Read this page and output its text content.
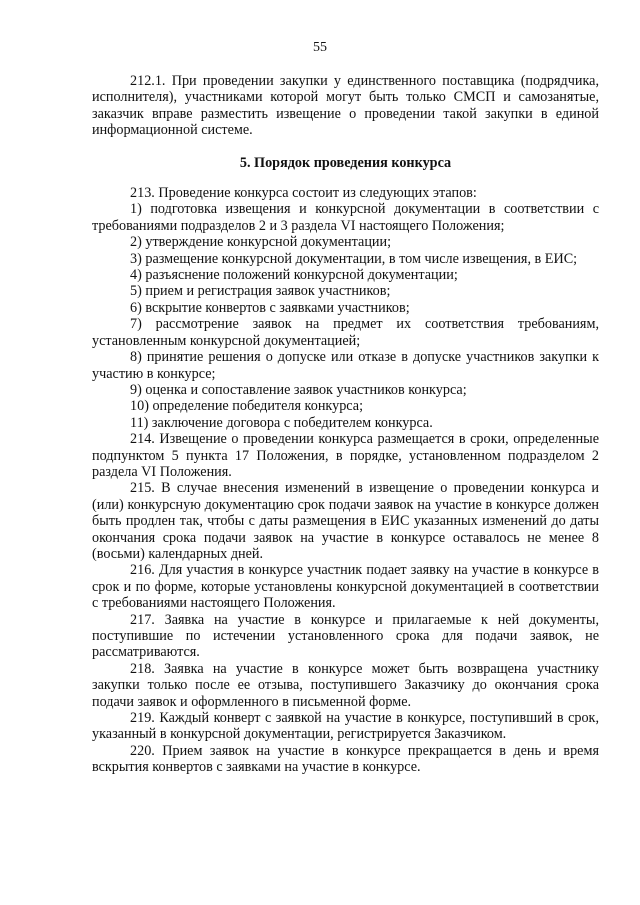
55

212.1. При проведении закупки у единственного поставщика (подрядчика, исполнителя), участниками которой могут быть только СМСП и самозанятые, заказчик вправе разместить извещение о проведении такой закупки в единой информационной системе.

5. Порядок проведения конкурса

213. Проведение конкурса состоит из следующих этапов:

1) подготовка извещения и конкурсной документации в соответствии с требованиями подразделов 2 и 3 раздела VI настоящего Положения;

2) утверждение конкурсной документации;

3) размещение конкурсной документации, в том числе извещения, в ЕИС;

4) разъяснение положений конкурсной документации;

5) прием и регистрация заявок участников;

6) вскрытие конвертов с заявками участников;

7) рассмотрение заявок на предмет их соответствия требованиям, установленным конкурсной документацией;

8) принятие решения о допуске или отказе в допуске участников закупки к участию в конкурсе;

9) оценка и сопоставление заявок участников конкурса;

10) определение победителя конкурса;

11) заключение договора с победителем конкурса.

214. Извещение о проведении конкурса размещается в сроки, определенные подпунктом 5 пункта 17 Положения, в порядке, установленном подразделом 2 раздела VI Положения.

215. В случае внесения изменений в извещение о проведении конкурса и (или) конкурсную документацию срок подачи заявок на участие в конкурсе должен быть продлен так, чтобы с даты размещения в ЕИС указанных изменений до даты окончания срока подачи заявок на участие в конкурсе оставалось не менее 8 (восьми) календарных дней.

216. Для участия в конкурсе участник подает заявку на участие в конкурсе в срок и по форме, которые установлены конкурсной документацией в соответствии с требованиями настоящего Положения.

217. Заявка на участие в конкурсе и прилагаемые к ней документы, поступившие по истечении установленного срока для подачи заявок, не рассматриваются.

218. Заявка на участие в конкурсе может быть возвращена участнику закупки только после ее отзыва, поступившего Заказчику до окончания срока подачи заявок и оформленного в письменной форме.

219. Каждый конверт с заявкой на участие в конкурсе, поступивший в срок, указанный в конкурсной документации, регистрируется Заказчиком.

220. Прием заявок на участие в конкурсе прекращается в день и время вскрытия конвертов с заявками на участие в конкурсе.
